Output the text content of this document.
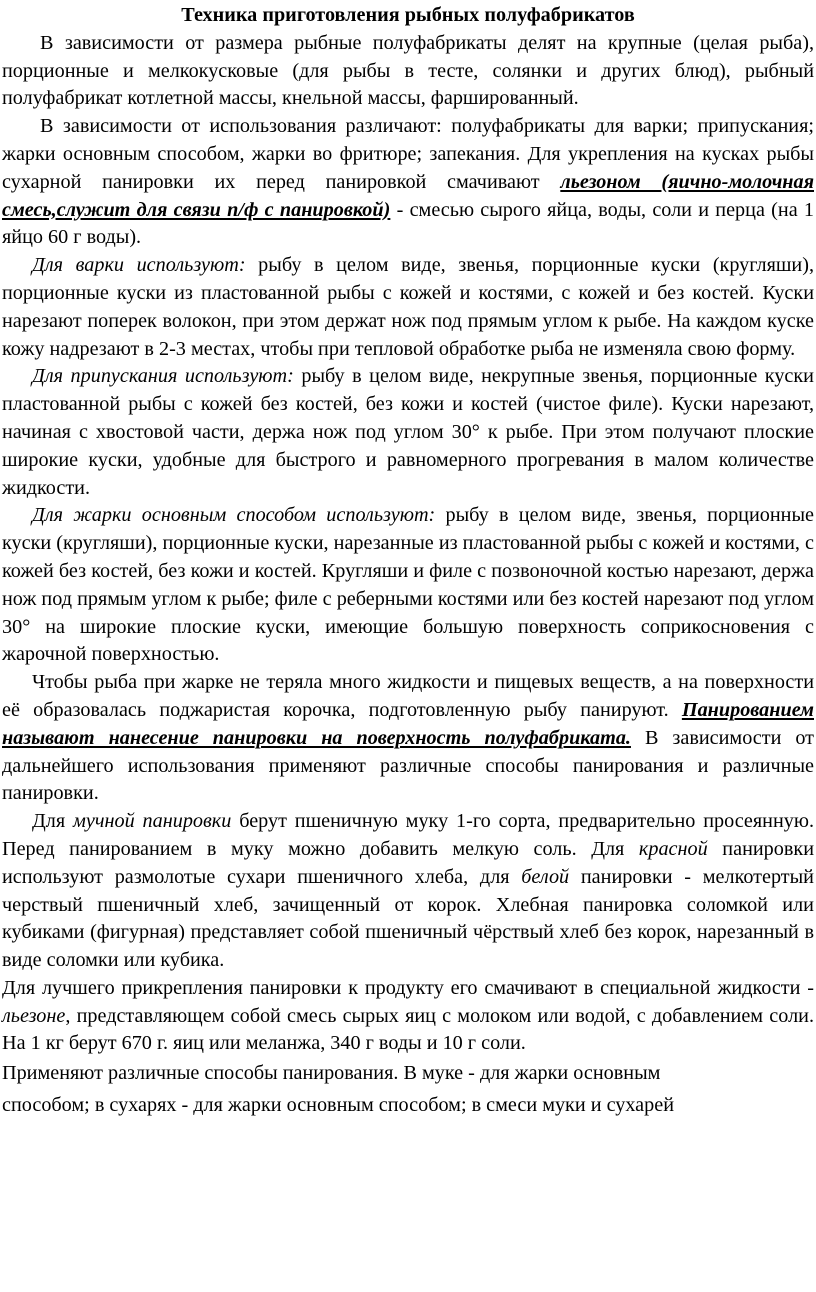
Техника приготовления рыбных полуфабрикатов

В зависимости от размера рыбные полуфабрикаты делят на крупные (целая рыба), порционные и мелкокусковые (для рыбы в тесте, солянки и других блюд), рыбный полуфабрикат котлетной массы, кнельной массы, фаршированный.

В зависимости от использования различают: полуфабрикаты для варки; припускания; жарки основным способом, жарки во фритюре; запекания. Для укрепления на кусках рыбы сухарной панировки их перед панировкой смачивают льезоном (яично-молочная смесь,служит для связи п/ф с панировкой) - смесью сырого яйца, воды, соли и перца (на 1 яйцо 60 г воды).

Для варки используют: рыбу в целом виде, звенья, порционные куски (кругляши), порционные куски из пластованной рыбы с кожей и костями, с кожей и без костей. Куски нарезают поперек волокон, при этом держат нож под прямым углом к рыбе. На каждом куске кожу надрезают в 2-3 местах, чтобы при тепловой обработке рыба не изменяла свою форму.

Для припускания используют: рыбу в целом виде, некрупные звенья, порционные куски пластованной рыбы с кожей без костей, без кожи и костей (чистое филе). Куски нарезают, начиная с хвостовой части, держа нож под углом 30° к рыбе. При этом получают плоские широкие куски, удобные для быстрого и равномерного прогревания в малом количестве жидкости.

Для жарки основным способом используют: рыбу в целом виде, звенья, порционные куски (кругляши), порционные куски, нарезанные из пластованной рыбы с кожей и костями, с кожей без костей, без кожи и костей. Кругляши и филе с позвоночной костью нарезают, держа нож под прямым углом к рыбе; филе с реберными костями или без костей нарезают под углом 30° на широкие плоские куски, имеющие большую поверхность соприкосновения с жарочной поверхностью.

Чтобы рыба при жарке не теряла много жидкости и пищевых веществ, а на поверхности её образовалась поджаристая корочка, подготовленную рыбу панируют. Панированием называют нанесение панировки на поверхность полуфабриката. В зависимости от дальнейшего использования применяют различные способы панирования и различные панировки.

Для мучной панировки берут пшеничную муку 1-го сорта, предварительно просеянную. Перед панированием в муку можно добавить мелкую соль. Для красной панировки используют размолотые сухари пшеничного хлеба, для белой панировки - мелкотертый черствый пшеничный хлеб, зачищенный от корок. Хлебная панировка соломкой или кубиками (фигурная) представляет собой пшеничный чёрствый хлеб без корок, нарезанный в виде соломки или кубика.

Для лучшего прикрепления панировки к продукту его смачивают в специальной жидкости - льезоне, представляющем собой смесь сырых яиц с молоком или водой, с добавлением соли. На 1 кг берут 670 г. яиц или меланжа, 340 г воды и 10 г соли.

Применяют различные способы панирования. В муке - для жарки основным

способом; в сухарях - для жарки основным способом; в смеси муки и сухарей
